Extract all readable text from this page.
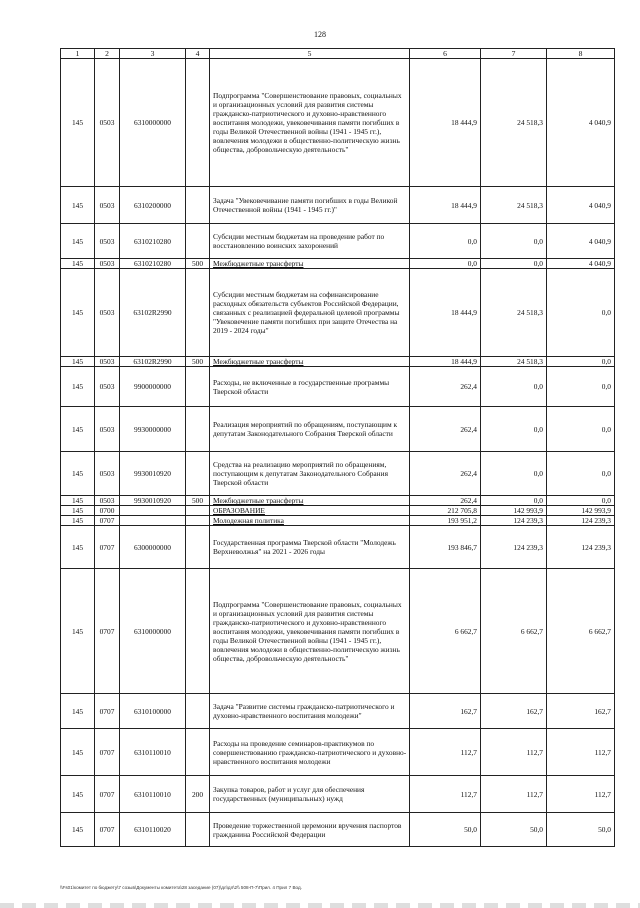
128
1	2	3	4	5	6	7	8
145	0503	6310000000		Подпрограмма "Совершенствование правовых, социальных и организационных условий для развития системы гражданско-патриотического и духовно-нравственного воспитания молодежи, увековечивания памяти погибших в годы Великой Отечественной войны (1941 - 1945 гг.), вовлечения молодежи в общественно-политическую жизнь общества, добровольческую деятельность"	18 444,9	24 518,3	4 040,9
145	0503	6310200000		Задача "Увековечивание памяти погибших в годы Великой Отечественной войны (1941 - 1945 гг.)"	18 444,9	24 518,3	4 040,9
145	0503	6310210280		Субсидии местным бюджетам на проведение работ по восстановлению воинских захоронений	0,0	0,0	4 040,9
145	0503	6310210280	500	Межбюджетные трансферты	0,0	0,0	4 040,9
145	0503	63102R2990		Субсидии местным бюджетам на софинансирование расходных обязательств субъектов Российской Федерации, связанных с реализацией федеральной целевой программы "Увековечение памяти погибших при защите Отечества на 2019 - 2024 годы"	18 444,9	24 518,3	0,0
145	0503	63102R2990	500	Межбюджетные трансферты	18 444,9	24 518,3	0,0
145	0503	9900000000		Расходы, не включенные в государственные программы Тверской области	262,4	0,0	0,0
145	0503	9930000000		Реализация мероприятий по обращениям, поступающим к депутатам Законодательного Собрания Тверской области	262,4	0,0	0,0
145	0503	9930010920		Средства на реализацию мероприятий по обращениям, поступающим к депутатам Законодательного Собрания Тверской области	262,4	0,0	0,0
145	0503	9930010920	500	Межбюджетные трансферты	262,4	0,0	0,0
145	0700			ОБРАЗОВАНИЕ	212 705,8	142 993,9	142 993,9
145	0707			Молодежная политика	193 951,2	124 239,3	124 239,3
145	0707	6300000000		Государственная программа Тверской области "Молодежь Верхневолжья" на 2021 - 2026 годы	193 846,7	124 239,3	124 239,3
145	0707	6310000000		Подпрограмма "Совершенствование правовых, социальных и организационных условий для развития системы гражданско-патриотического и духовно-нравственного воспитания молодежи, увековечивания памяти погибших в годы Великой Отечественной войны (1941 - 1945 гг.), вовлечения молодежи в общественно-политическую жизнь общества, добровольческую деятельность"	6 662,7	6 662,7	6 662,7
145	0707	6310100000		Задача "Развитие системы гражданско-патриотического и духовно-нравственного воспитания молодежи"	162,7	162,7	162,7
145	0707	6310110010		Расходы на проведение семинаров-практикумов по совершенствованию гражданско-патриотического и духовно-нравственного воспитания молодежи	112,7	112,7	112,7
145	0707	6310110010	200	Закупка товаров, работ и услуг для обеспечения государственных (муниципальных) нужд	112,7	112,7	112,7
145	0707	6310110020		Проведение торжественной церемонии вручения паспортов гражданина Российской Федерации	50,0	50,0	50,0
\\Fs01\комитет по бюджету\7 созыв\Документы комитета\28 заседание (07)\дл\дл\2\\ 508-П-7\Прил. 4 Прил 7 Вод.
